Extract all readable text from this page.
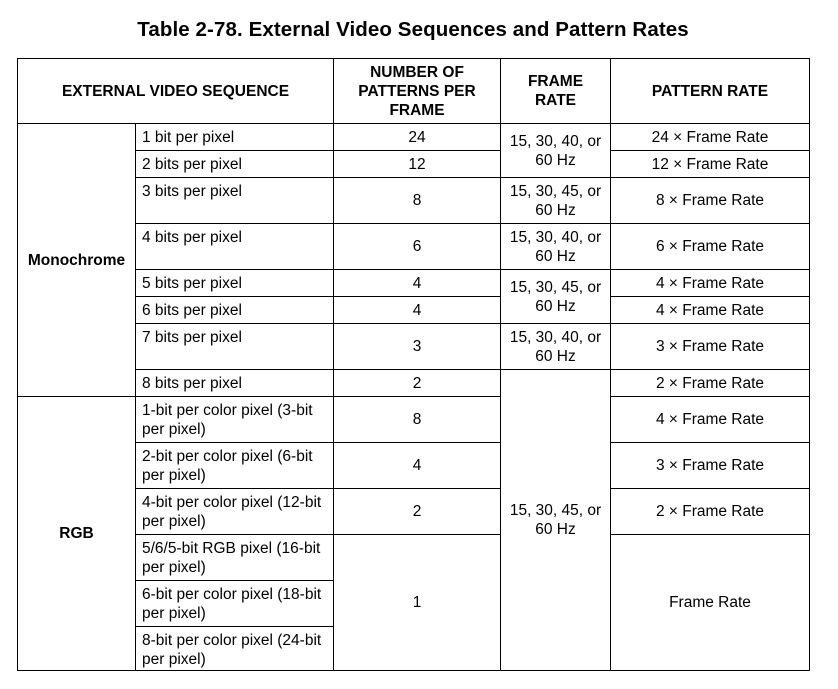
Table 2-78. External Video Sequences and Pattern Rates
EXTERNAL VIDEO SEQUENCE		NUMBER OF PATTERNS PER FRAME	FRAME RATE	PATTERN RATE
Monochrome	1 bit per pixel	24	15, 30, 40, or 60 Hz	24 × Frame Rate
	2 bits per pixel	12		12 × Frame Rate
	3 bits per pixel	8	15, 30, 45, or 60 Hz	8 × Frame Rate
	4 bits per pixel	6	15, 30, 40, or 60 Hz	6 × Frame Rate
	5 bits per pixel	4	15, 30, 45, or 60 Hz	4 × Frame Rate
	6 bits per pixel	4		4 × Frame Rate
	7 bits per pixel	3	15, 30, 40, or 60 Hz	3 × Frame Rate
	8 bits per pixel	2	15, 30, 45, or 60 Hz	2 × Frame Rate
RGB	1-bit per color pixel (3-bit per pixel)	8		4 × Frame Rate
	2-bit per color pixel (6-bit per pixel)	4		3 × Frame Rate
	4-bit per color pixel (12-bit per pixel)	2		2 × Frame Rate
	5/6/5-bit RGB pixel (16-bit per pixel)	1		Frame Rate
	6-bit per color pixel (18-bit per pixel)			
	8-bit per color pixel (24-bit per pixel)			
